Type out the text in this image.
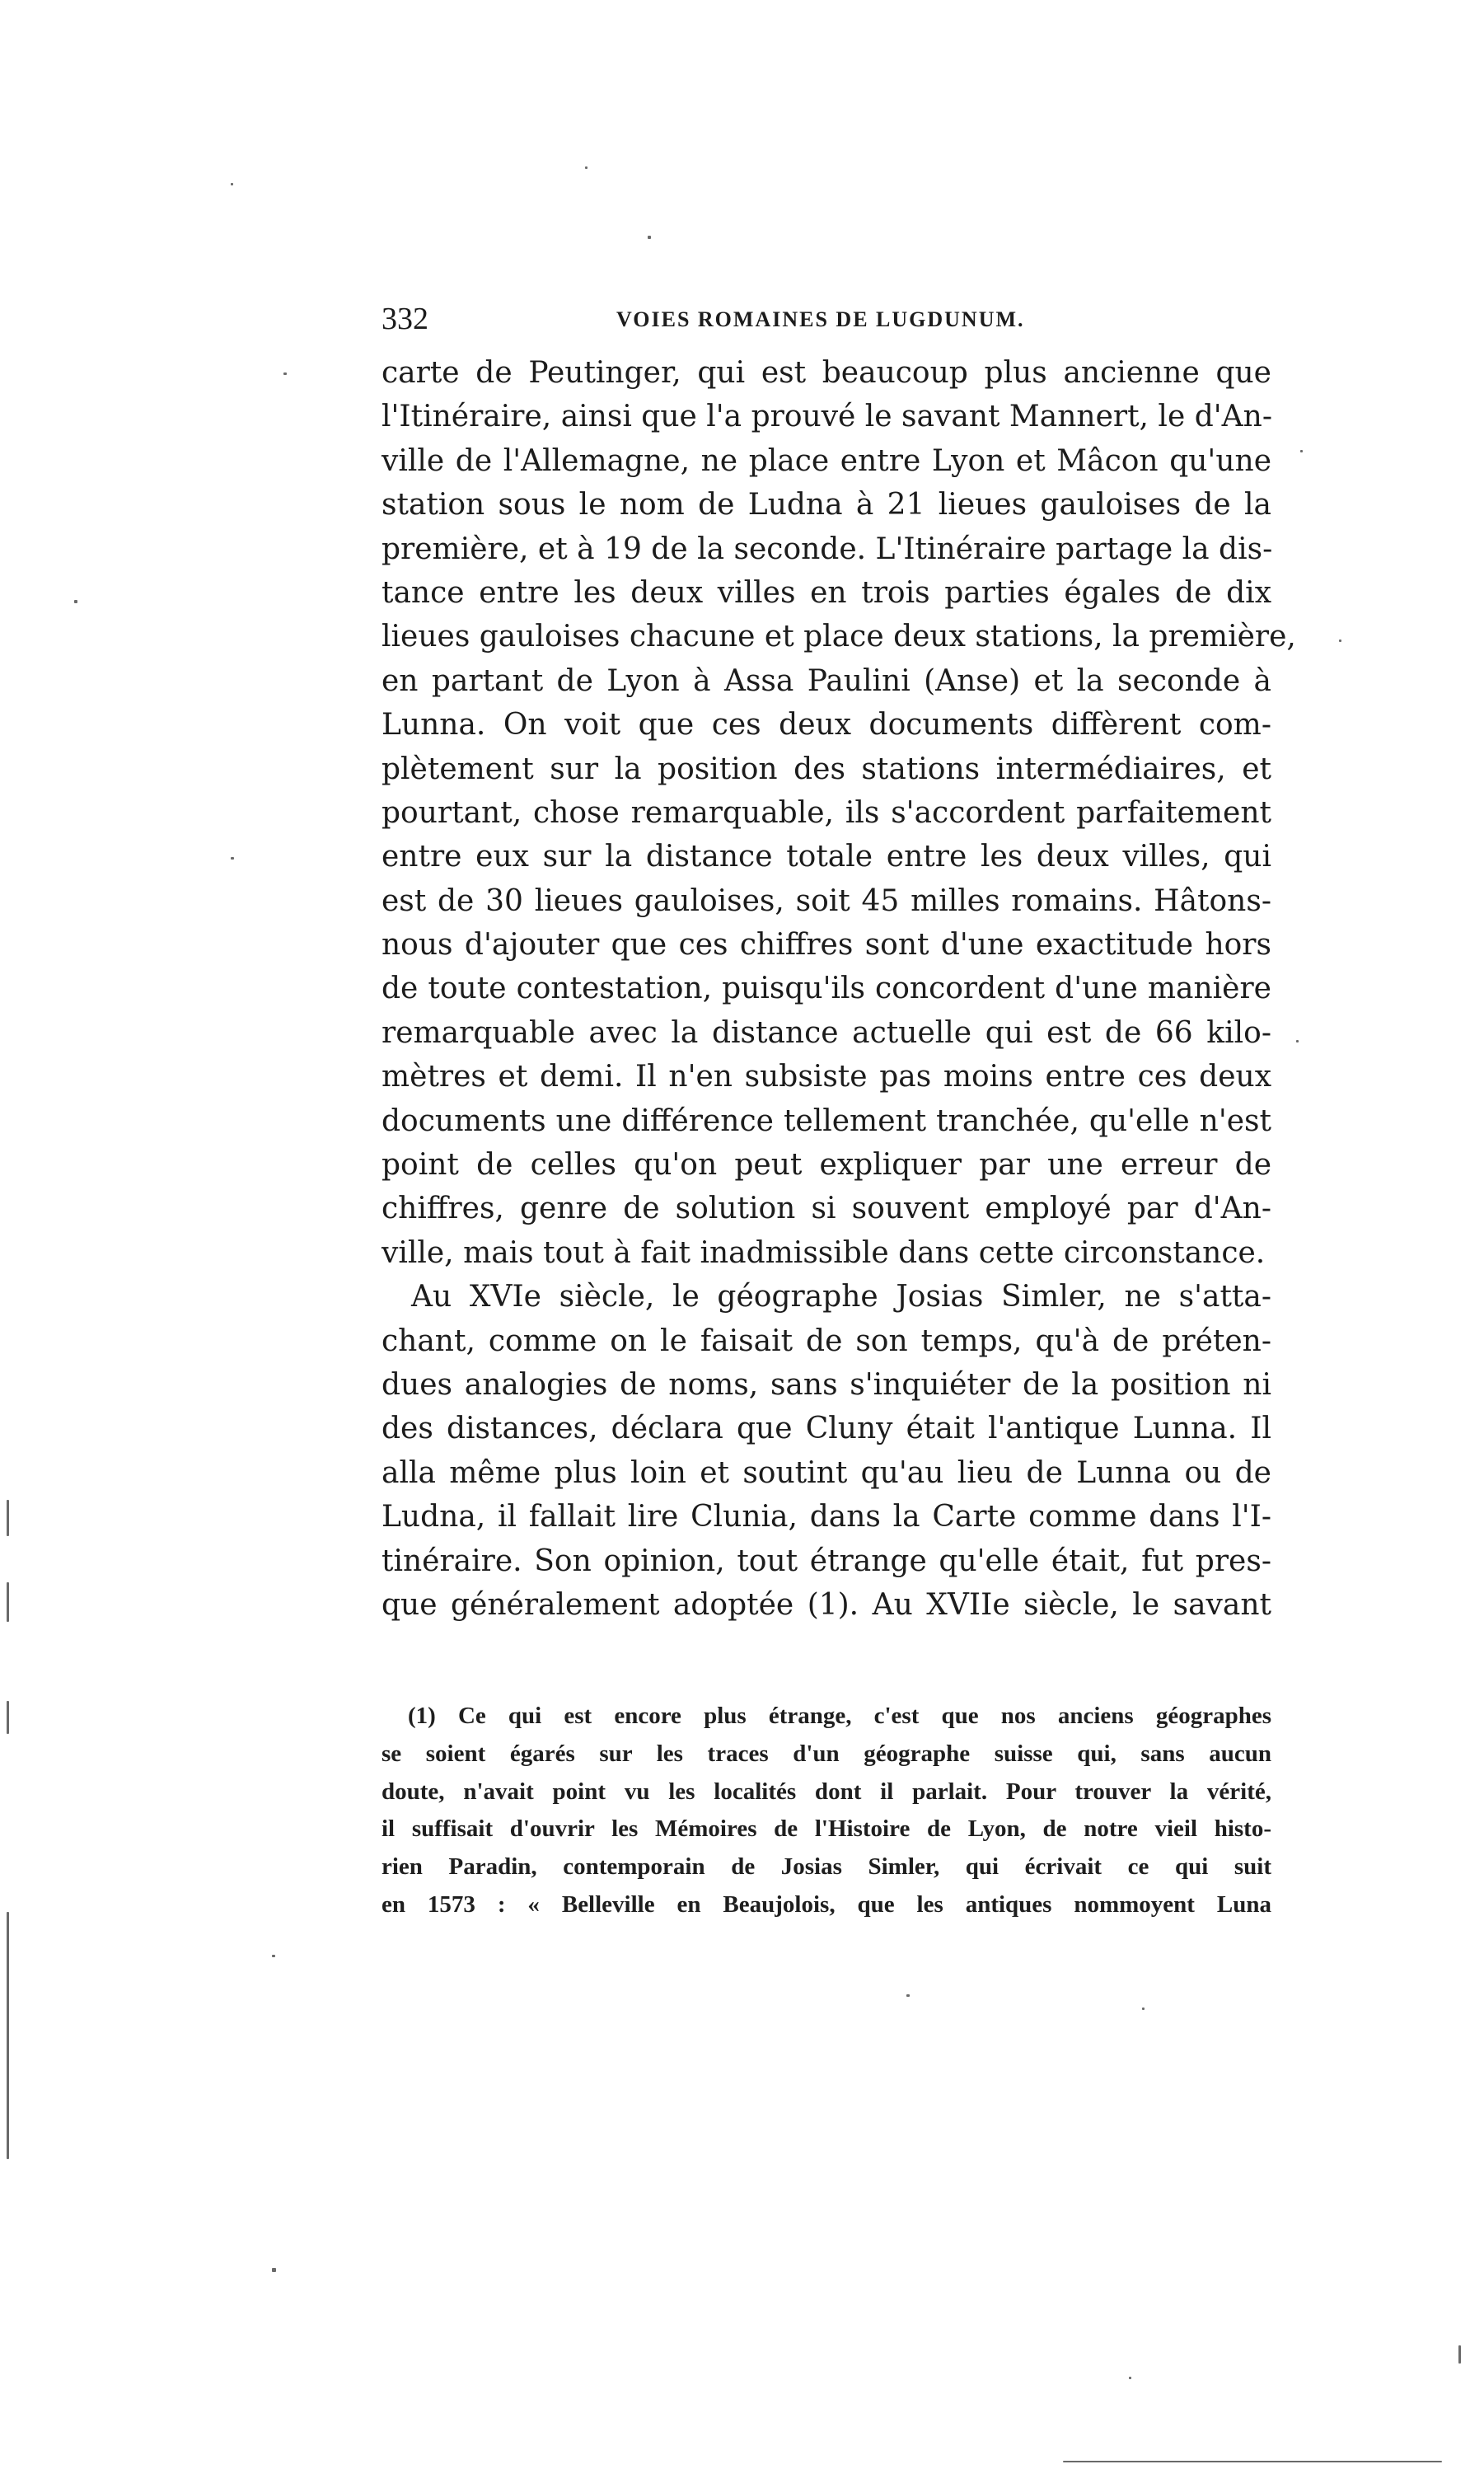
332	VOIES ROMAINES DE LUGDUNUM.
carte de Peutinger, qui est beaucoup plus ancienne que
l'Itinéraire, ainsi que l'a prouvé le savant Mannert, le d'An-
ville de l'Allemagne, ne place entre Lyon et Mâcon qu'une
station sous le nom de Ludna à 21 lieues gauloises de la
première, et à 19 de la seconde. L'Itinéraire partage la dis-
tance entre les deux villes en trois parties égales de dix
lieues gauloises chacune et place deux stations, la première,
en partant de Lyon à Assa Paulini (Anse) et la seconde à
Lunna. On voit que ces deux documents diffèrent com-
plètement sur la position des stations intermédiaires, et
pourtant, chose remarquable, ils s'accordent parfaitement
entre eux sur la distance totale entre les deux villes, qui
est de 30 lieues gauloises, soit 45 milles romains. Hâtons-
nous d'ajouter que ces chiffres sont d'une exactitude hors
de toute contestation, puisqu'ils concordent d'une manière
remarquable avec la distance actuelle qui est de 66 kilo-
mètres et demi. Il n'en subsiste pas moins entre ces deux
documents une différence tellement tranchée, qu'elle n'est
point de celles qu'on peut expliquer par une erreur de
chiffres, genre de solution si souvent employé par d'An-
ville, mais tout à fait inadmissible dans cette circonstance.
Au XVIe siècle, le géographe Josias Simler, ne s'atta-
chant, comme on le faisait de son temps, qu'à de préten-
dues analogies de noms, sans s'inquiéter de la position ni
des distances, déclara que Cluny était l'antique Lunna. Il
alla même plus loin et soutint qu'au lieu de Lunna ou de
Ludna, il fallait lire Clunia, dans la Carte comme dans l'I-
tinéraire. Son opinion, tout étrange qu'elle était, fut pres-
que généralement adoptée (1). Au XVIIe siècle, le savant
(1) Ce qui est encore plus étrange, c'est que nos anciens géographes
se soient égarés sur les traces d'un géographe suisse qui, sans aucun
doute, n'avait point vu les localités dont il parlait. Pour trouver la vérité,
il suffisait d'ouvrir les Mémoires de l'Histoire de Lyon, de notre vieil histo-
rien Paradin, contemporain de Josias Simler, qui écrivait ce qui suit
en 1573 : « Belleville en Beaujolois, que les antiques nommoyent Luna
